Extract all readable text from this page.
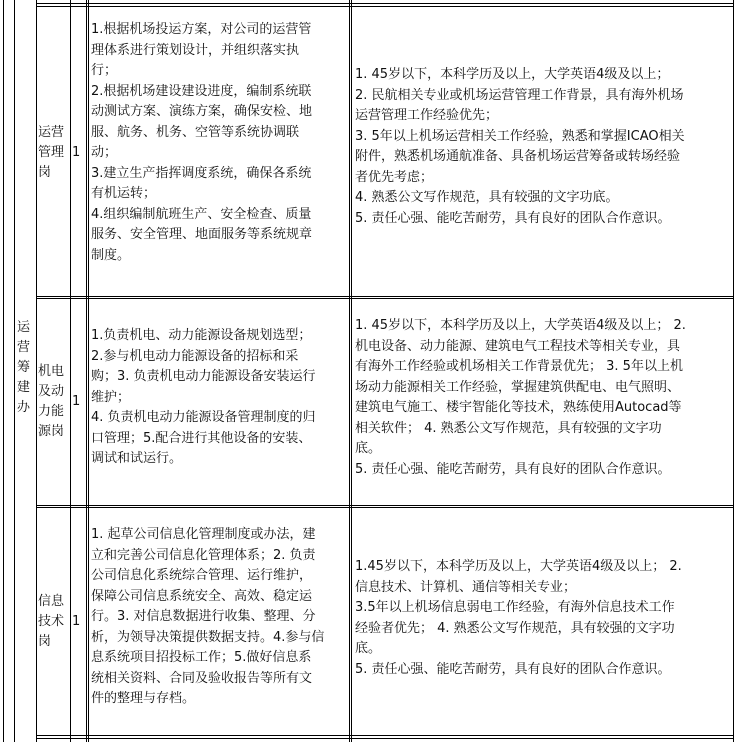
运
营
筹
建
办
运营
管理
岗
1
1.根据机场投运方案，对公司的运营管
理体系进行策划设计，并组织落实执
行；
2.根据机场建设建设进度，编制系统联
动测试方案、演练方案，确保安检、地
服、航务、机务、空管等系统协调联
动；
3.建立生产指挥调度系统，确保各系统
有机运转；
4.组织编制航班生产、安全检查、质量
服务、安全管理、地面服务等系统规章
制度。
1. 45岁以下，本科学历及以上，大学英语4级及以上；
2. 民航相关专业或机场运营管理工作背景，具有海外机场
运营管理工作经验优先；
3. 5年以上机场运营相关工作经验，熟悉和掌握ICAO相关
附件，熟悉机场通航准备、具备机场运营筹备或转场经验
者优先考虑；
4. 熟悉公文写作规范，具有较强的文字功底。
5. 责任心强、能吃苦耐劳，具有良好的团队合作意识。
机电
及动
力能
源岗
1
1.负责机电、动力能源设备规划选型；
2.参与机电动力能源设备的招标和采
购；3. 负责机电动力能源设备安装运行
维护；
4. 负责机电动力能源设备管理制度的归
口管理；5.配合进行其他设备的安装、
调试和试运行。
1. 45岁以下，本科学历及以上，大学英语4级及以上； 2.
机电设备、动力能源、建筑电气工程技术等相关专业，具
有海外工作经验或机场相关工作背景优先； 3. 5年以上机
场动力能源相关工作经验，掌握建筑供配电、电气照明、
建筑电气施工、楼宇智能化等技术，熟练使用Autocad等
相关软件； 4. 熟悉公文写作规范，具有较强的文字功
底。
5. 责任心强、能吃苦耐劳，具有良好的团队合作意识。
信息
技术
岗
1
1. 起草公司信息化管理制度或办法，建
立和完善公司信息化管理体系；2. 负责
公司信息化系统综合管理、运行维护，
保障公司信息系统安全、高效、稳定运
行。3. 对信息数据进行收集、整理、分
析，为领导决策提供数据支持。4.参与信
息系统项目招投标工作；5.做好信息系
统相关资料、合同及验收报告等所有文
件的整理与存档。
1.45岁以下，本科学历及以上，大学英语4级及以上； 2.
信息技术、计算机、通信等相关专业；
3.5年以上机场信息弱电工作经验，有海外信息技术工作
经验者优先； 4. 熟悉公文写作规范，具有较强的文字功
底。
5. 责任心强、能吃苦耐劳，具有良好的团队合作意识。
